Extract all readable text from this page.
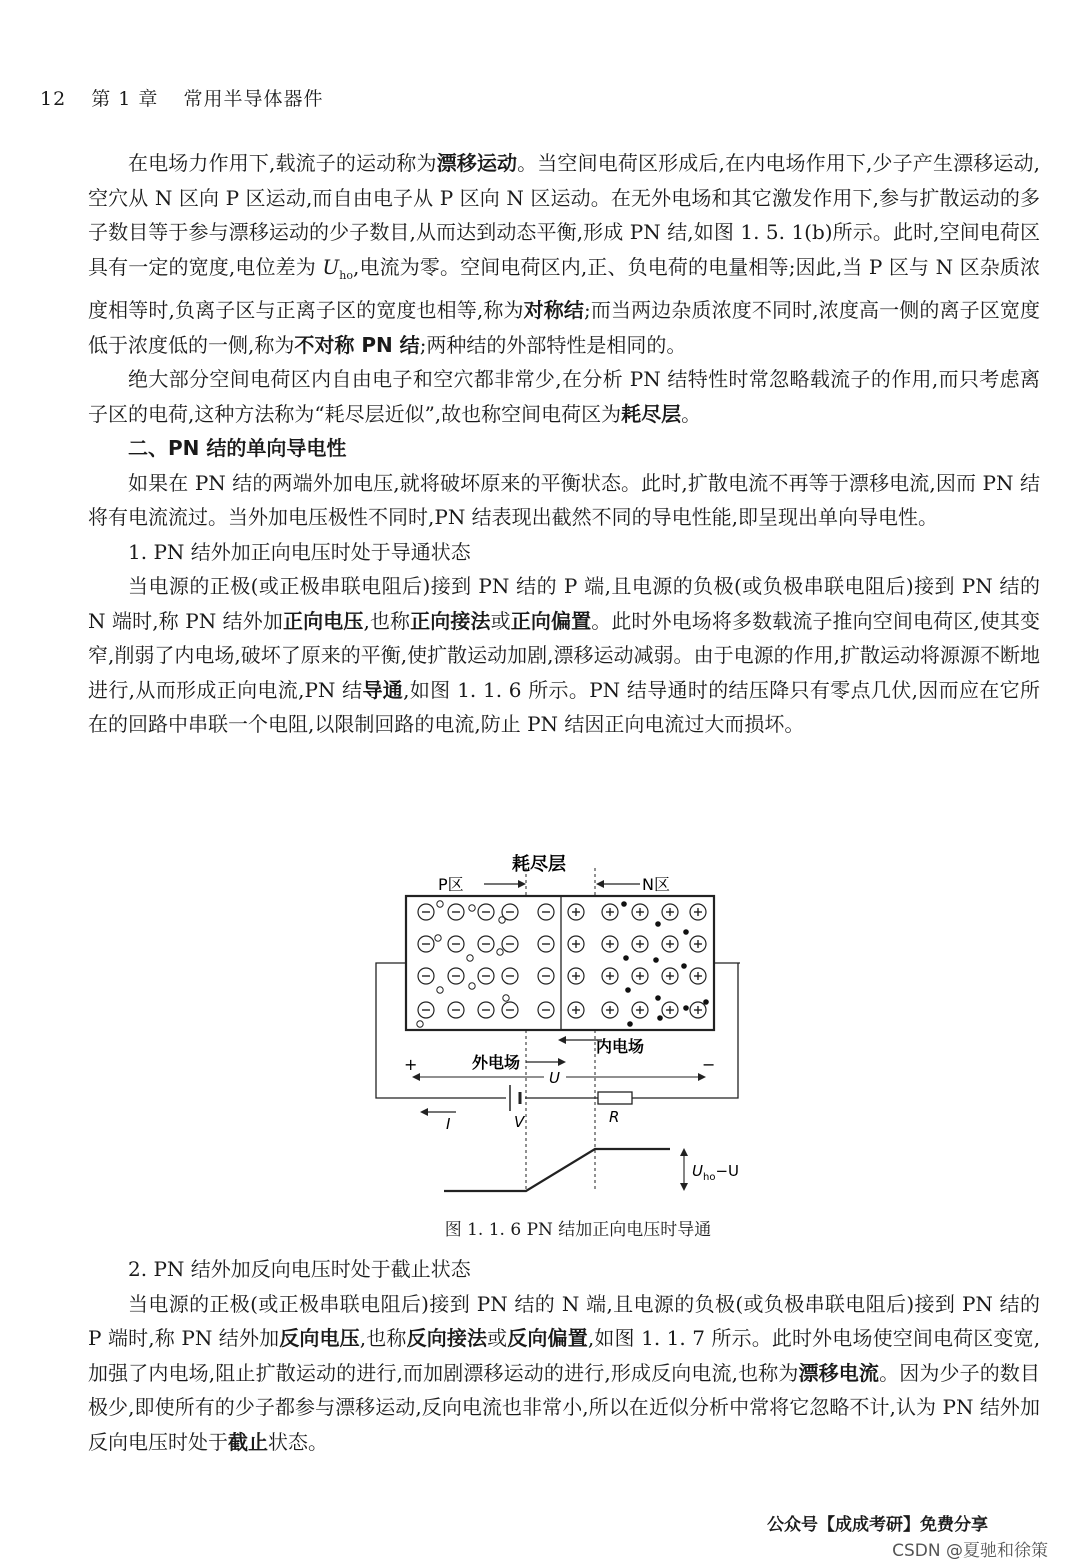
12 第 1 章 常用半导体器件

在电场力作用下,载流子的运动称为漂移运动。当空间电荷区形成后,在内电场作用下,少子产生漂移运动,空穴从 N 区向 P 区运动,而自由电子从 P 区向 N 区运动。在无外电场和其它激发作用下,参与扩散运动的多子数目等于参与漂移运动的少子数目,从而达到动态平衡,形成 PN 结,如图 1. 5. 1(b)所示。此时,空间电荷区具有一定的宽度,电位差为 $U_{ho}$,电流为零。空间电荷区内,正、负电荷的电量相等;因此,当 P 区与 N 区杂质浓度相等时,负离子区与正离子区的宽度也相等,称为对称结;而当两边杂质浓度不同时,浓度高一侧的离子区宽度低于浓度低的一侧,称为不对称 PN 结;两种结的外部特性是相同的。

绝大部分空间电荷区内自由电子和空穴都非常少,在分析 PN 结特性时常忽略载流子的作用,而只考虑离子区的电荷,这种方法称为“耗尽层近似”,故也称空间电荷区为耗尽层。

二、PN 结的单向导电性

如果在 PN 结的两端外加电压,就将破坏原来的平衡状态。此时,扩散电流不再等于漂移电流,因而 PN 结将有电流流过。当外加电压极性不同时,PN 结表现出截然不同的导电性能,即呈现出单向导电性。

1. PN 结外加正向电压时处于导通状态

当电源的正极(或正极串联电阻后)接到 PN 结的 P 端,且电源的负极(或负极串联电阻后)接到 PN 结的 N 端时,称 PN 结外加正向电压,也称正向接法或正向偏置。此时外电场将多数载流子推向空间电荷区,使其变窄,削弱了内电场,破坏了原来的平衡,使扩散运动加剧,漂移运动减弱。由于电源的作用,扩散运动将源源不断地进行,从而形成正向电流,PN 结导通,如图 1. 1. 6 所示。PN 结导通时的结压降只有零点几伏,因而应在它所在的回路中串联一个电阻,以限制回路的电流,防止 PN 结因正向电流过大而损坏。

耗尽层
P区	N区
V	R
I
内电场
外电场
+	−
U
$U_{ho}-U$
图 1. 1. 6 PN 结加正向电压时导通

2. PN 结外加反向电压时处于截止状态

当电源的正极(或正极串联电阻后)接到 PN 结的 N 端,且电源的负极(或负极串联电阻后)接到 PN 结的 P 端时,称 PN 结外加反向电压,也称反向接法或反向偏置,如图 1. 1. 7 所示。此时外电场使空间电荷区变宽,加强了内电场,阻止扩散运动的进行,而加剧漂移运动的进行,形成反向电流,也称为漂移电流。因为少子的数目极少,即使所有的少子都参与漂移运动,反向电流也非常小,所以在近似分析中常将它忽略不计,认为 PN 结外加反向电压时处于截止状态。

公众号【成成考研】免费分享
CSDN @夏驰和徐策
